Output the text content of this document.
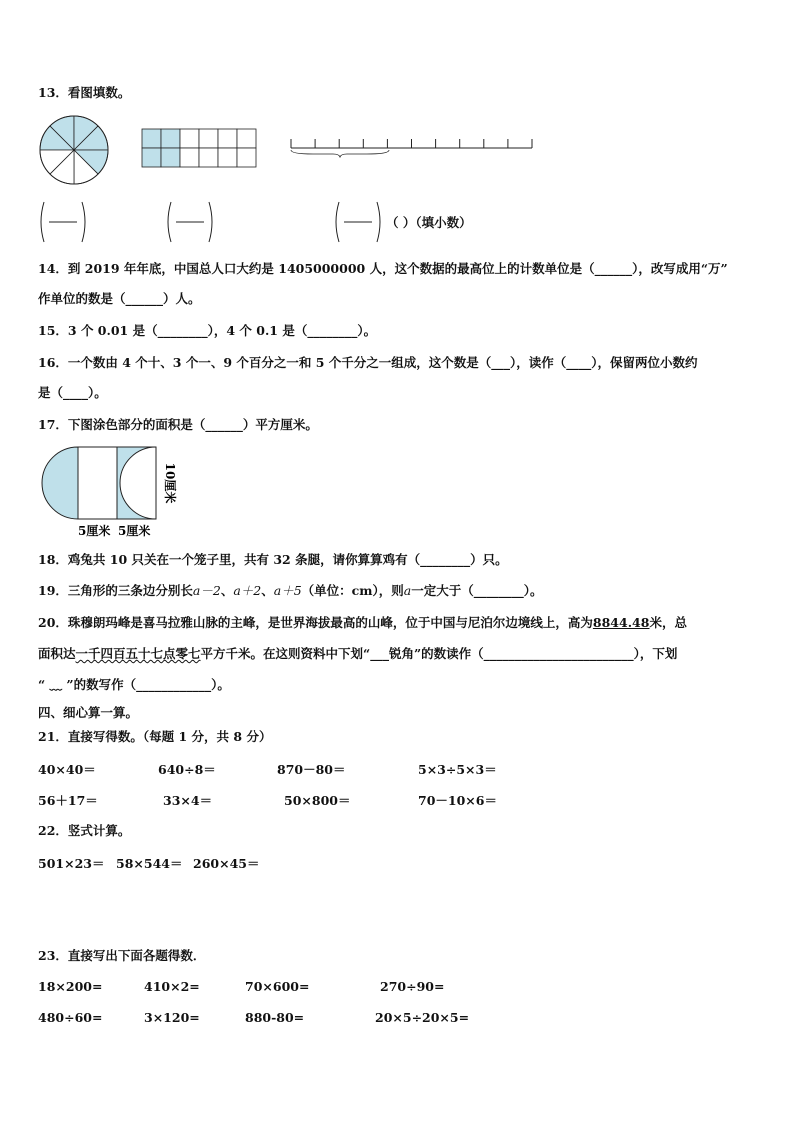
13．看图填数。
（ ）（填小数）
14．到 2019 年年底，中国总人口大约是 1405000000 人，这个数据的最高位上的计数单位是（______），改写成用“万”
作单位的数是（______）人。
15．3 个 0.01 是（________），4 个 0.1 是（________）。
16．一个数由 4 个十、3 个一、9 个百分之一和 5 个千分之一组成，这个数是（___），读作（____），保留两位小数约
是（____）。
17．下图涂色部分的面积是（______）平方厘米。
10厘米
5厘米 5厘米
18．鸡兔共 10 只关在一个笼子里，共有 32 条腿，请你算算鸡有（________）只。
19．三角形的三条边分别长a－2、a＋2、a＋5（单位：cm），则a一定大于（________）。
20．珠穆朗玛峰是喜马拉雅山脉的主峰，是世界海拔最高的山峰，位于中国与尼泊尔边境线上，高为8844.48米，总
面积达一千四百五十七点零七平方千米。在这则资料中下划“___锐角”的数读作（________________________），下划
“ ﹏ ”的数写作（____________）。
四、细心算一算。
21．直接写得数。（每题 1 分，共 8 分）
40×40＝	640÷8＝	870－80＝	5×3÷5×3＝
56＋17＝	33×4＝	50×800＝	70－10×6＝
22．竖式计算。
501×23＝ 58×544＝ 260×45＝
23．直接写出下面各题得数．
18×200=	410×2=	70×600=	270÷90=
480÷60=	3×120=	880-80=	20×5÷20×5=
